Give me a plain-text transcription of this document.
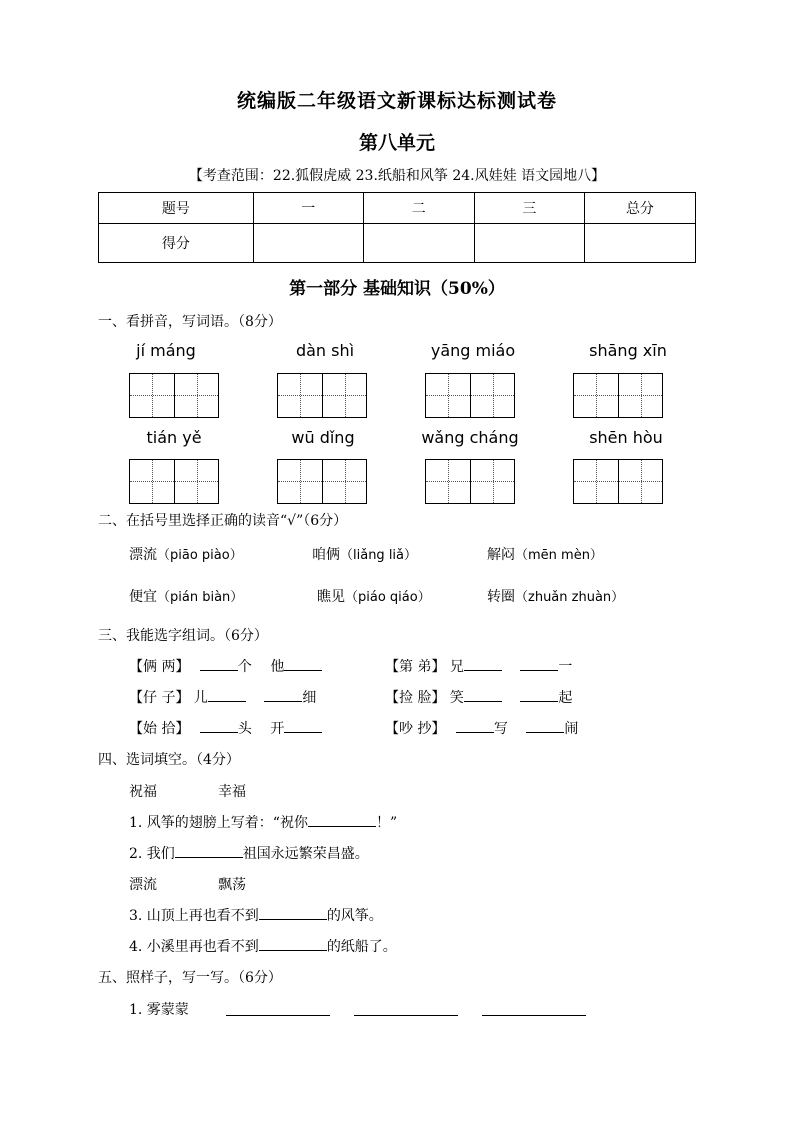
统编版二年级语文新课标达标测试卷
第八单元
【考查范围：22.狐假虎威 23.纸船和风筝 24.风娃娃 语文园地八】
题号	一	二	三	总分
得分				
第一部分 基础知识（50%）
一、看拼音，写词语。（8分）
jí máng	dàn shì	yāng miáo	shāng xīn
tián yě	wū dǐng	wǎng cháng	shēn hòu
二、在括号里选择正确的读音“√”（6分）
漂流（piāo piào）	咱俩（liǎng liǎ）	解闷（mēn mèn）
便宜（pián biàn）	瞧见（piáo qiáo）	转圈（zhuǎn zhuàn）
三、我能选字组词。（6分）
【俩 两】	个 他	【第 弟】 兄	一
【仔 子】 儿	细	【捡 脸】 笑	起
【始 拾】	头 开	【吵 抄】	写	闹
四、选词填空。（4分）
祝福	幸福
1. 风筝的翅膀上写着：“祝你	！”
2. 我们	祖国永远繁荣昌盛。
漂流	飘荡
3. 山顶上再也看不到	的风筝。
4. 小溪里再也看不到	的纸船了。
五、照样子，写一写。（6分）
1. 雾蒙蒙
